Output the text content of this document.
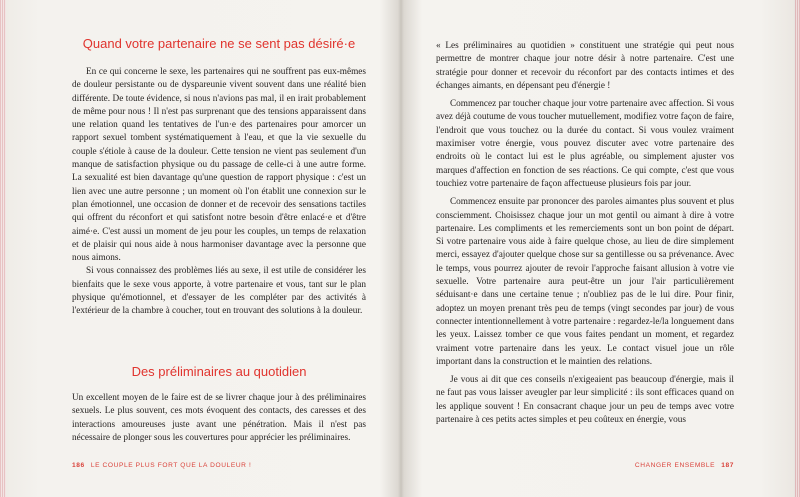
Quand votre partenaire ne se sent pas désiré·e

En ce qui concerne le sexe, les partenaires qui ne souffrent pas eux-mêmes de douleur persistante ou de dyspareunie vivent souvent dans une réalité bien différente. De toute évidence, si nous n'avions pas mal, il en irait probablement de même pour nous ! Il n'est pas surprenant que des tensions apparaissent dans une relation quand les tentatives de l'un·e des partenaires pour amorcer un rapport sexuel tombent systématiquement à l'eau, et que la vie sexuelle du couple s'étiole à cause de la douleur. Cette tension ne vient pas seulement d'un manque de satisfaction physique ou du passage de celle-ci à une autre forme. La sexualité est bien davantage qu'une question de rapport physique : c'est un lien avec une autre personne ; un moment où l'on établit une connexion sur le plan émotionnel, une occasion de donner et de recevoir des sensations tactiles qui offrent du réconfort et qui satisfont notre besoin d'être enlacé·e et d'être aimé·e. C'est aussi un moment de jeu pour les couples, un temps de relaxation et de plaisir qui nous aide à nous harmoniser davantage avec la personne que nous aimons.

Si vous connaissez des problèmes liés au sexe, il est utile de considérer les bienfaits que le sexe vous apporte, à votre partenaire et vous, tant sur le plan physique qu'émotionnel, et d'essayer de les compléter par des activités à l'extérieur de la chambre à coucher, tout en trouvant des solutions à la douleur.

Des préliminaires au quotidien

Un excellent moyen de le faire est de se livrer chaque jour à des préliminaires sexuels. Le plus souvent, ces mots évoquent des contacts, des caresses et des interactions amoureuses juste avant une pénétration. Mais il n'est pas nécessaire de plonger sous les couvertures pour apprécier les préliminaires.

186 LE COUPLE PLUS FORT QUE LA DOULEUR !

« Les préliminaires au quotidien » constituent une stratégie qui peut nous permettre de montrer chaque jour notre désir à notre partenaire. C'est une stratégie pour donner et recevoir du réconfort par des contacts intimes et des échanges aimants, en dépensant peu d'énergie !

Commencez par toucher chaque jour votre partenaire avec affection. Si vous avez déjà coutume de vous toucher mutuellement, modifiez votre façon de faire, l'endroit que vous touchez ou la durée du contact. Si vous voulez vraiment maximiser votre énergie, vous pouvez discuter avec votre partenaire des endroits où le contact lui est le plus agréable, ou simplement ajuster vos marques d'affection en fonction de ses réactions. Ce qui compte, c'est que vous touchiez votre partenaire de façon affectueuse plusieurs fois par jour.

Commencez ensuite par prononcer des paroles aimantes plus souvent et plus consciemment. Choisissez chaque jour un mot gentil ou aimant à dire à votre partenaire. Les compliments et les remerciements sont un bon point de départ. Si votre partenaire vous aide à faire quelque chose, au lieu de dire simplement merci, essayez d'ajouter quelque chose sur sa gentillesse ou sa prévenance. Avec le temps, vous pourrez ajouter de revoir l'approche faisant allusion à votre vie sexuelle. Votre partenaire aura peut-être un jour l'air particulièrement séduisant·e dans une certaine tenue ; n'oubliez pas de le lui dire. Pour finir, adoptez un moyen prenant très peu de temps (vingt secondes par jour) de vous connecter intentionnellement à votre partenaire : regardez-le/la longuement dans les yeux. Laissez tomber ce que vous faites pendant un moment, et regardez vraiment votre partenaire dans les yeux. Le contact visuel joue un rôle important dans la construction et le maintien des relations.

Je vous ai dit que ces conseils n'exigeaient pas beaucoup d'énergie, mais il ne faut pas vous laisser aveugler par leur simplicité : ils sont efficaces quand on les applique souvent ! En consacrant chaque jour un peu de temps avec votre partenaire à ces petits actes simples et peu coûteux en énergie, vous

CHANGER ENSEMBLE 187
